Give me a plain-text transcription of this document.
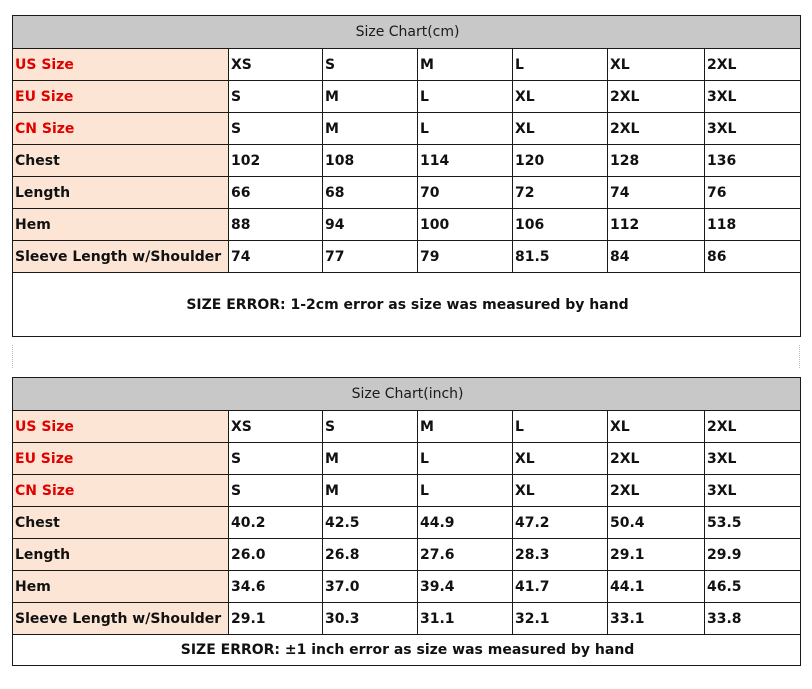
Size Chart(cm)						
US Size	XS	S	M	L	XL	2XL
EU Size	S	M	L	XL	2XL	3XL
CN Size	S	M	L	XL	2XL	3XL
Chest	102	108	114	120	128	136
Length	66	68	70	72	74	76
Hem	88	94	100	106	112	118
Sleeve Length w/Shoulder	74	77	79	81.5	84	86
SIZE ERROR: 1-2cm error as size was measured by hand						
Size Chart(inch)						
US Size	XS	S	M	L	XL	2XL
EU Size	S	M	L	XL	2XL	3XL
CN Size	S	M	L	XL	2XL	3XL
Chest	40.2	42.5	44.9	47.2	50.4	53.5
Length	26.0	26.8	27.6	28.3	29.1	29.9
Hem	34.6	37.0	39.4	41.7	44.1	46.5
Sleeve Length w/Shoulder	29.1	30.3	31.1	32.1	33.1	33.8
SIZE ERROR: ±1 inch error as size was measured by hand						
